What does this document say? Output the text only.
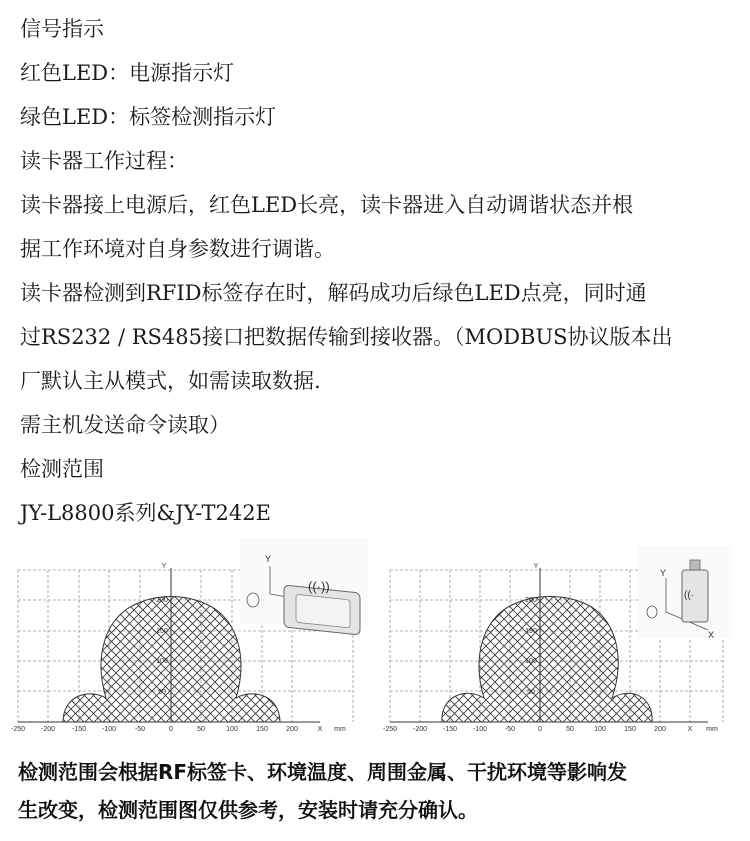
信号指示
红色LED：电源指示灯
绿色LED：标签检测指示灯
读卡器工作过程：
读卡器接上电源后，红色LED长亮，读卡器进入自动调谐状态并根
据工作环境对自身参数进行调谐。
读卡器检测到RFID标签存在时，解码成功后绿色LED点亮，同时通
过RS232 / RS485接口把数据传输到接收器。（MODBUS协议版本出
厂默认主从模式，如需读取数据.
需主机发送命令读取）
检测范围
JY-L8800系列&JY-T242E
-250 -200 -150 -100	-50	0	50	100	150	200	X mm
50
100
150
200
Y
Y
((·))
-250 -200 -150 -100	-50	0	50	100	150	200	X mm
50
100
150
200
Y
Y
X
((·
检测范围会根据RF标签卡、环境温度、周围金属、干扰环境等影响发
生改变，检测范围图仅供参考，安装时请充分确认。
